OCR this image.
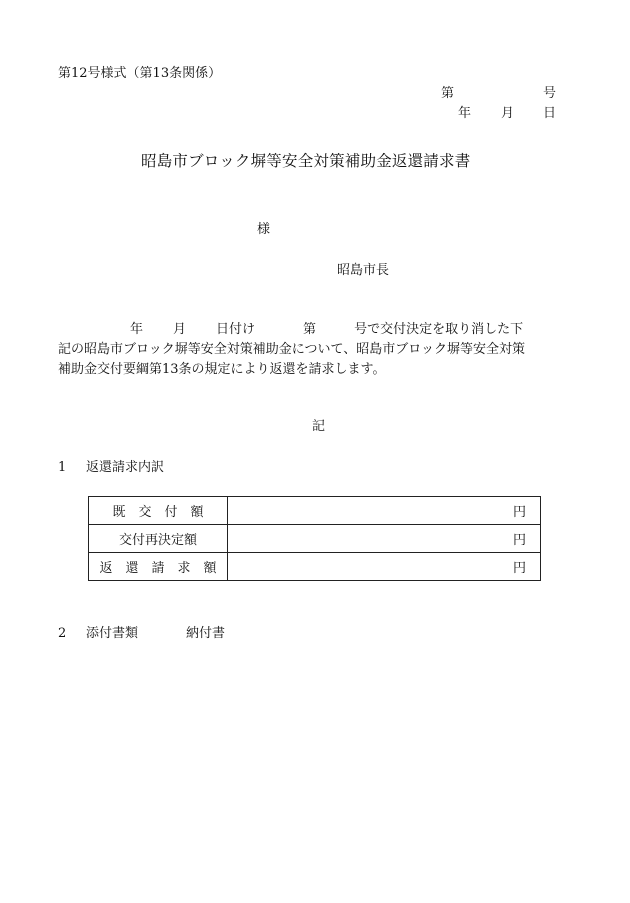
第12号様式（第13条関係）
第	号
年 月 日
昭島市ブロック塀等安全対策補助金返還請求書
様
昭島市長
年 月 日付け	第	号で交付決定を取り消した下
記の昭島市ブロック塀等安全対策補助金について、昭島市ブロック塀等安全対策
補助金交付要綱第13条の規定により返還を請求します。
記
1 返還請求内訳
既　交　付　額	円
交付再決定額	円
返　還　請　求　額	円
2 添付書類	納付書
